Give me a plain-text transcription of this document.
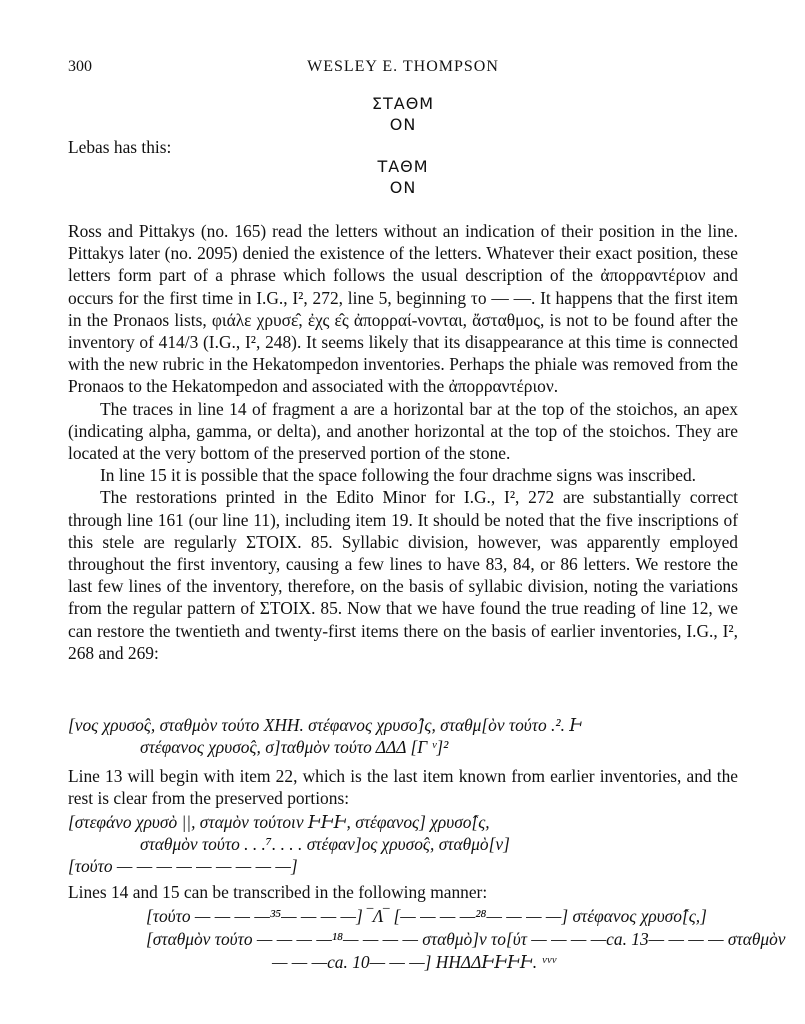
300	WESLEY E. THOMPSON
ΣΤΑΘΜ
ΟΝ
Lebas has this:
ΤΑΘΜ
ΟΝ

Ross and Pittakys (no. 165) read the letters without an indication of their position in the line. Pittakys later (no. 2095) denied the existence of the letters. Whatever their exact position, these letters form part of a phrase which follows the usual description of the ἀπορραντέριον and occurs for the first time in I.G., I², 272, line 5, beginning το — —. It happens that the first item in the Pronaos lists, φιάλε χρυσε̂, ἐχς ε̂ς ἀπορραί-νονται, ἄσταθμος, is not to be found after the inventory of 414/3 (I.G., I², 248). It seems likely that its disappearance at this time is connected with the new rubric in the Hekatompedon inventories. Perhaps the phiale was removed from the Pronaos to the Hekatompedon and associated with the ἀπορραντέριον.

The traces in line 14 of fragment a are a horizontal bar at the top of the stoichos, an apex (indicating alpha, gamma, or delta), and another horizontal at the top of the stoichos. They are located at the very bottom of the preserved portion of the stone.

In line 15 it is possible that the space following the four drachme signs was inscribed.

The restorations printed in the Edito Minor for I.G., I², 272 are substantially correct through line 161 (our line 11), including item 19. It should be noted that the five inscriptions of this stele are regularly ΣΤΟΙΧ. 85. Syllabic division, however, was apparently employed throughout the first inventory, causing a few lines to have 83, 84, or 86 letters. We restore the last few lines of the inventory, therefore, on the basis of syllabic division, noting the variations from the regular pattern of ΣΤΟΙΧ. 85. Now that we have found the true reading of line 12, we can restore the twentieth and twenty-first items there on the basis of earlier inventories, I.G., I², 268 and 269:

[νος χρυσο̂ς, σταθμὸν τούτο ΧΗΗ. στέφανος χρυσο̂]ς, σταθμ[ὸν τούτο .². Ͱ
στέφανος χρυσο̂ς, σ]ταθμὸν τούτο ΔΔΔ [Γ ᵛ]²
Line 13 will begin with item 22, which is the last item known from earlier inventories, and the rest is clear from the preserved portions:
[στεφάνο χρυσὸ ||, σταμὸν τούτοιν ͰͰͰ, στέφανος] χρυσο̂[ς,
σταθμὸν τούτο . . .⁷. . . . στέφαν]ος χρυσο̂ς, σταθμὸ[ν]
[τούτο — — — — — — — — —]
Lines 14 and 15 can be transcribed in the following manner:
[τούτο — — — —³⁵— — — —] ‾Λ‾ [— — — —²⁸— — — —] στέφανος χρυσο̂[ς,]
[σταθμὸν τούτο — — — —¹⁸— — — — σταθμὸ]ν το[ύτ — — — —ca. 13— — — — σταθμὸν
— — —ca. 10— — —] ΗΗΔΔͰͰͰͰ. ᵛᵛᵛ
